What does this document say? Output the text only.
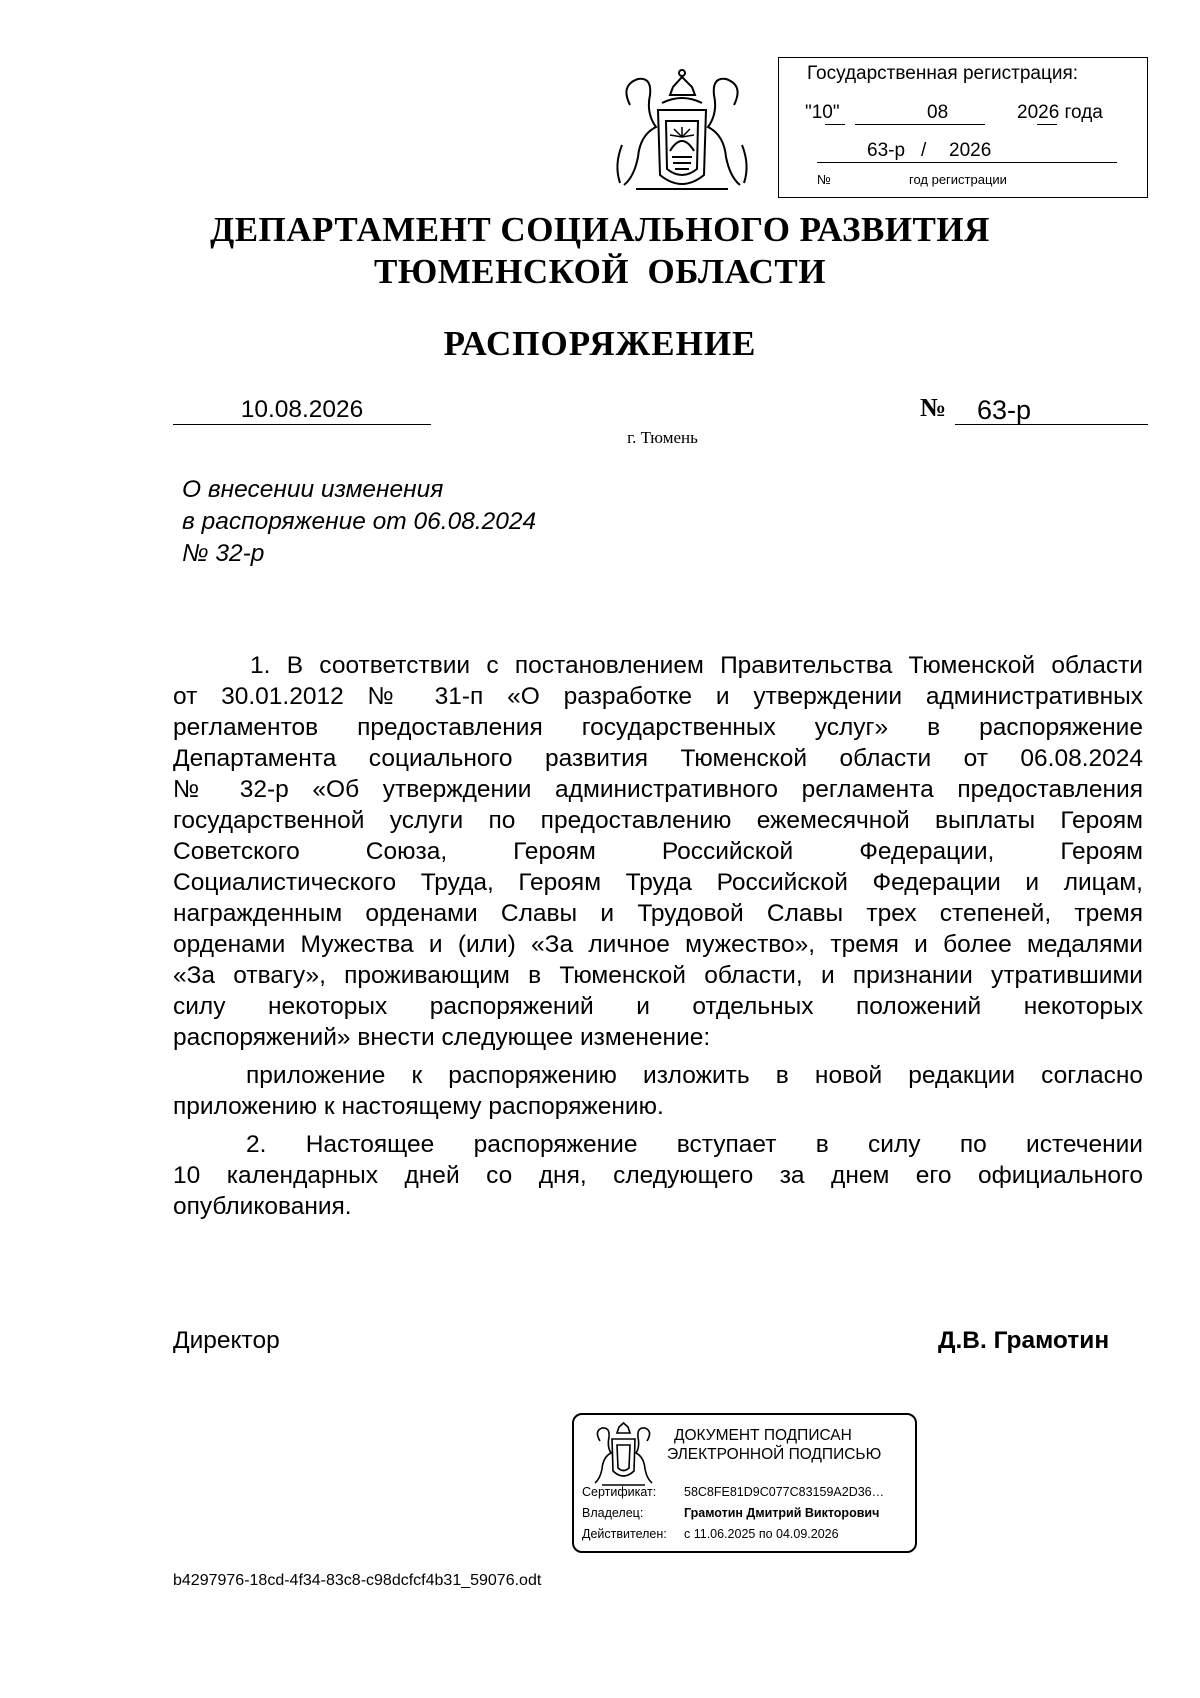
Государственная регистрация:
"10"	08	2026 года
63-р / 2026
№	год регистрации
ДЕПАРТАМЕНТ СОЦИАЛЬНОГО РАЗВИТИЯ
ТЮМЕНСКОЙ  ОБЛАСТИ
РАСПОРЯЖЕНИЕ
10.08.2026	№	63-р
г. Тюмень
О внесении изменения
в распоряжение от 06.08.2024
№ 32-р
1. В соответствии с постановлением Правительства Тюменской области
от 30.01.2012 № 31-п «О разработке и утверждении административных
регламентов предоставления государственных услуг» в распоряжение
Департамента социального развития Тюменской области от 06.08.2024
№ 32-р «Об утверждении административного регламента предоставления
государственной услуги по предоставлению ежемесячной выплаты Героям
Советского Союза, Героям Российской Федерации, Героям
Социалистического Труда, Героям Труда Российской Федерации и лицам,
награжденным орденами Славы и Трудовой Славы трех степеней, тремя
орденами Мужества и (или) «За личное мужество», тремя и более медалями
«За отвагу», проживающим в Тюменской области, и признании утратившими
силу некоторых распоряжений и отдельных положений некоторых
распоряжений» внести следующее изменение:
приложение к распоряжению изложить в новой редакции согласно
приложению к настоящему распоряжению.
2. Настоящее распоряжение вступает в силу по истечении
10 календарных дней со дня, следующего за днем его официального
опубликования.
Директор	Д.В. Грамотин
ДОКУМЕНТ ПОДПИСАН
ЭЛЕКТРОННОЙ ПОДПИСЬЮ
Сертификат: 58C8FE81D9C077C83159A2D36…
Владелец:	Грамотин Дмитрий Викторович
Действителен: с 11.06.2025 по 04.09.2026
b4297976-18cd-4f34-83c8-c98dcfcf4b31_59076.odt
